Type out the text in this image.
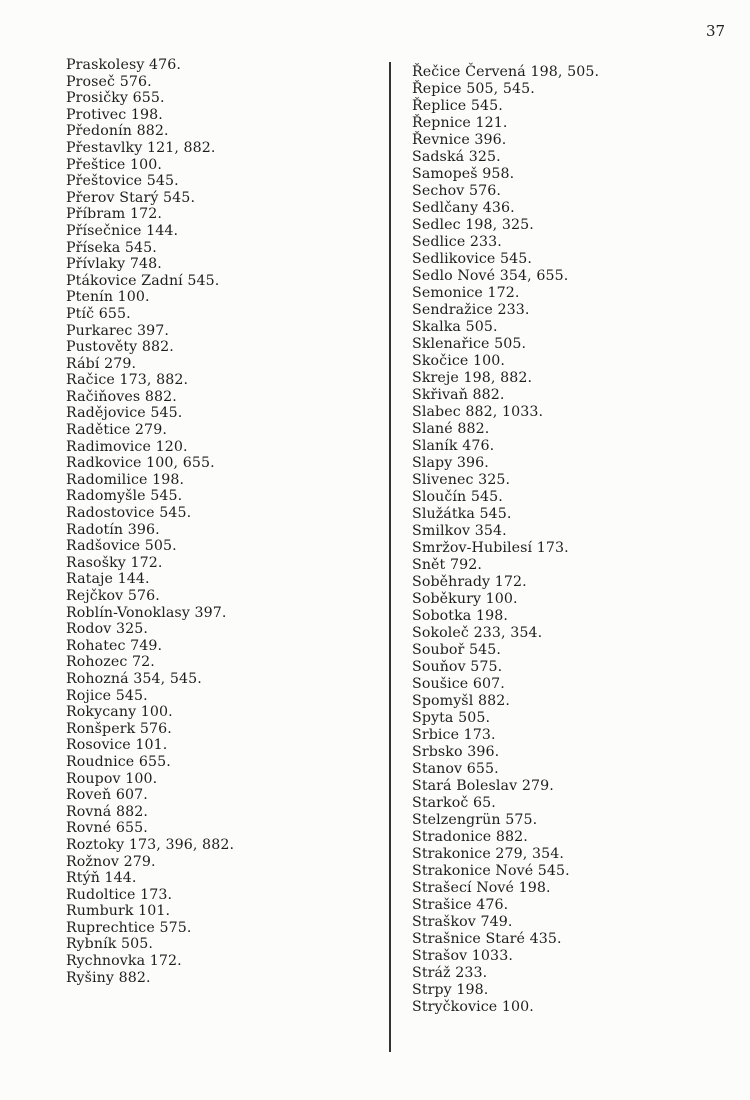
37
Praskolesy 476.
Proseč 576.
Prosičky 655.
Protivec 198.
Předonín 882.
Přestavlky 121, 882.
Přeštice 100.
Přeštovice 545.
Přerov Starý 545.
Příbram 172.
Přísečnice 144.
Příseka 545.
Přívlaky 748.
Ptákovice Zadní 545.
Ptenín 100.
Ptíč 655.
Purkarec 397.
Pustověty 882.
Rábí 279.
Račice 173, 882.
Račiňoves 882.
Radějovice 545.
Radětice 279.
Radimovice 120.
Radkovice 100, 655.
Radomilice 198.
Radomyšle 545.
Radostovice 545.
Radotín 396.
Radšovice 505.
Rasošky 172.
Rataje 144.
Rejčkov 576.
Roblín-Vonoklasy 397.
Rodov 325.
Rohatec 749.
Rohozec 72.
Rohozná 354, 545.
Rojice 545.
Rokycany 100.
Ronšperk 576.
Rosovice 101.
Roudnice 655.
Roupov 100.
Roveň 607.
Rovná 882.
Rovné 655.
Roztoky 173, 396, 882.
Rožnov 279.
Rtýň 144.
Rudoltice 173.
Rumburk 101.
Ruprechtice 575.
Rybník 505.
Rychnovka 172.
Ryšiny 882.
Řečice Červená 198, 505.
Řepice 505, 545.
Řeplice 545.
Řepnice 121.
Řevnice 396.
Sadská 325.
Samopeš 958.
Sechov 576.
Sedlčany 436.
Sedlec 198, 325.
Sedlice 233.
Sedlikovice 545.
Sedlo Nové 354, 655.
Semonice 172.
Sendražice 233.
Skalka 505.
Sklenařice 505.
Skočice 100.
Skreje 198, 882.
Skřivaň 882.
Slabec 882, 1033.
Slané 882.
Slaník 476.
Slapy 396.
Slivenec 325.
Sloučín 545.
Služátka 545.
Smilkov 354.
Smržov-Hubilesí 173.
Snět 792.
Soběhrady 172.
Soběkury 100.
Sobotka 198.
Sokoleč 233, 354.
Souboř 545.
Souňov 575.
Soušice 607.
Spomyšl 882.
Spyta 505.
Srbice 173.
Srbsko 396.
Stanov 655.
Stará Boleslav 279.
Starkoč 65.
Stelzengrün 575.
Stradonice 882.
Strakonice 279, 354.
Strakonice Nové 545.
Strašecí Nové 198.
Strašice 476.
Straškov 749.
Strašnice Staré 435.
Strašov 1033.
Stráž 233.
Strpy 198.
Stryčkovice 100.
